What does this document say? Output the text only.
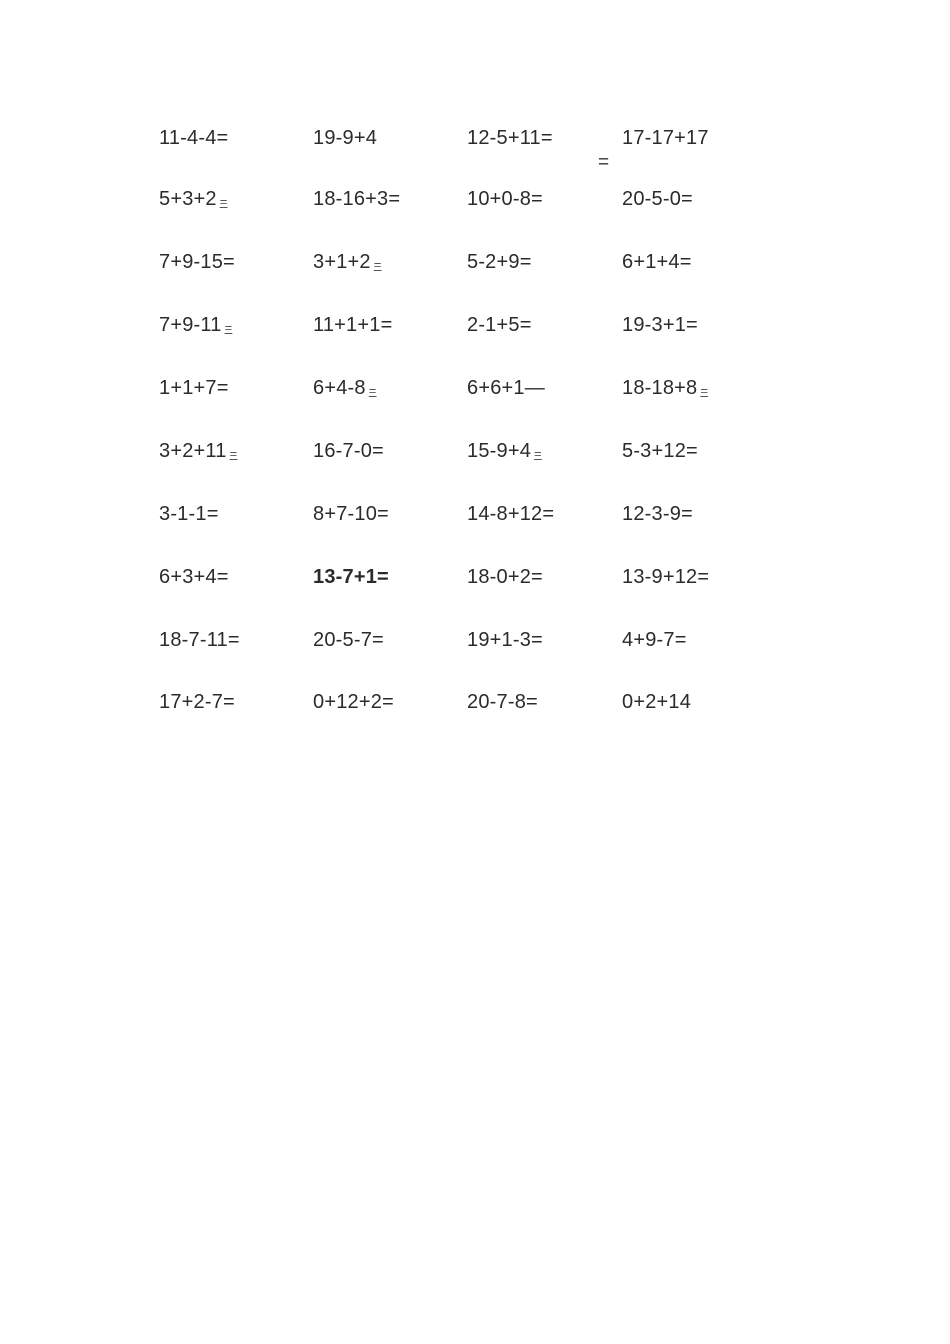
11-4-4=
5+3+2 =
7+9-15=
7+9-11 =
1+1+7=
3+2+11 =
3-1-1=
6+3+4=
18-7-11=
17+2-7=
19-9+4
18-16+3=
3+1+2 =
11+1+1=
6+4-8 =
16-7-0=
8+7-10=
13-7+1=
20-5-7=
0+12+2=
12-5+11=
10+0-8=
5-2+9=
2-1+5=
6+6+1—
15-9+4 =
14-8+12=
18-0+2=
19+1-3=
20-7-8=
17-17+17
20-5-0=
6+1+4=
19-3+1=
18-18+8 =
5-3+12=
12-3-9=
13-9+12=
4+9-7=
0+2+14
=
